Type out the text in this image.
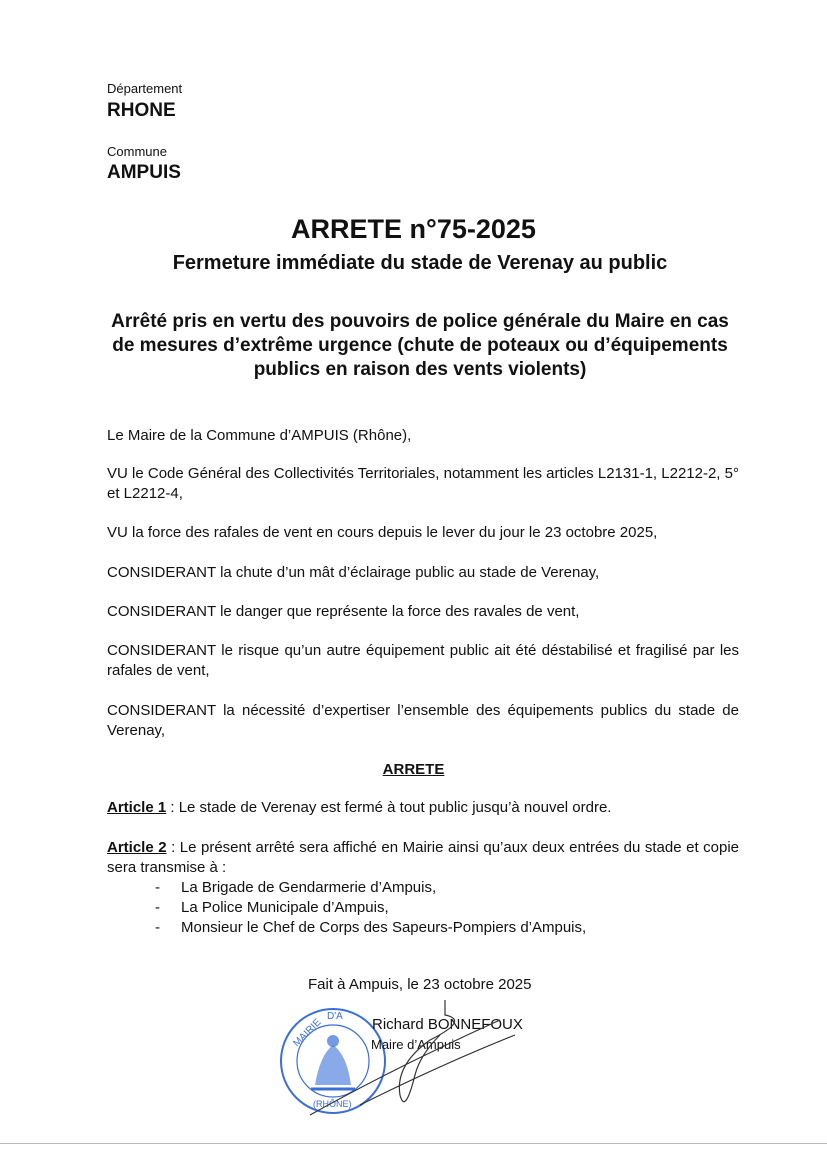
Département
RHONE
Commune
AMPUIS
ARRETE n°75-2025
Fermeture immédiate du stade de Verenay au public
Arrêté pris en vertu des pouvoirs de police générale du Maire en cas de mesures d’extrême urgence (chute de poteaux ou d’équipements publics en raison des vents violents)
Le Maire de la Commune d’AMPUIS (Rhône),
VU le Code Général des Collectivités Territoriales, notamment les articles L2131-1, L2212-2, 5° et L2212-4,
VU la force des rafales de vent en cours depuis le lever du jour le 23 octobre 2025,
CONSIDERANT la chute d’un mât d’éclairage public au stade de Verenay,
CONSIDERANT le danger que représente la force des ravales de vent,
CONSIDERANT le risque qu’un autre équipement public ait été déstabilisé et fragilisé par les rafales de vent,
CONSIDERANT la nécessité d’expertiser l’ensemble des équipements publics du stade de Verenay,
ARRETE
Article 1 : Le stade de Verenay est fermé à tout public jusqu’à nouvel ordre.
Article 2 : Le présent arrêté sera affiché en Mairie ainsi qu’aux deux entrées du stade et copie sera transmise à :
- La Brigade de Gendarmerie d’Ampuis,
- La Police Municipale d’Ampuis,
- Monsieur le Chef de Corps des Sapeurs-Pompiers d’Ampuis,
Fait à Ampuis, le 23 octobre 2025
MAIRIE
D'A
(RHÔNE)
Richard BONNEFOUX
Maire d’Ampuis
